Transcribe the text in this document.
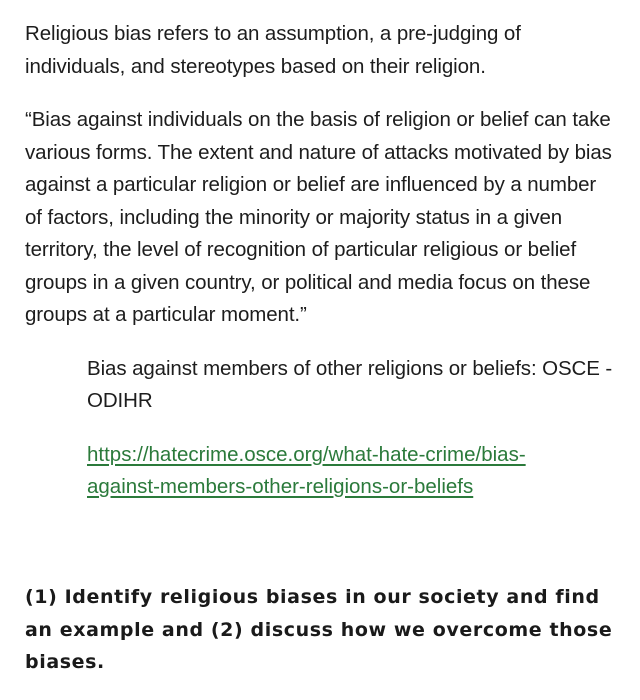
Religious bias refers to an assumption, a pre-judging of individuals, and stereotypes based on their religion.

“Bias against individuals on the basis of religion or belief can take various forms. The extent and nature of attacks motivated by bias against a particular religion or belief are influenced by a number of factors, including the minority or majority status in a given territory, the level of recognition of particular religious or belief groups in a given country, or political and media focus on these groups at a particular moment.”

Bias against members of other religions or beliefs: OSCE - ODIHR

https://hatecrime.osce.org/what-hate-crime/bias-
against-members-other-religions-or-beliefs

(1) Identify religious biases in our society and find an example and (2) discuss how we overcome those biases.
